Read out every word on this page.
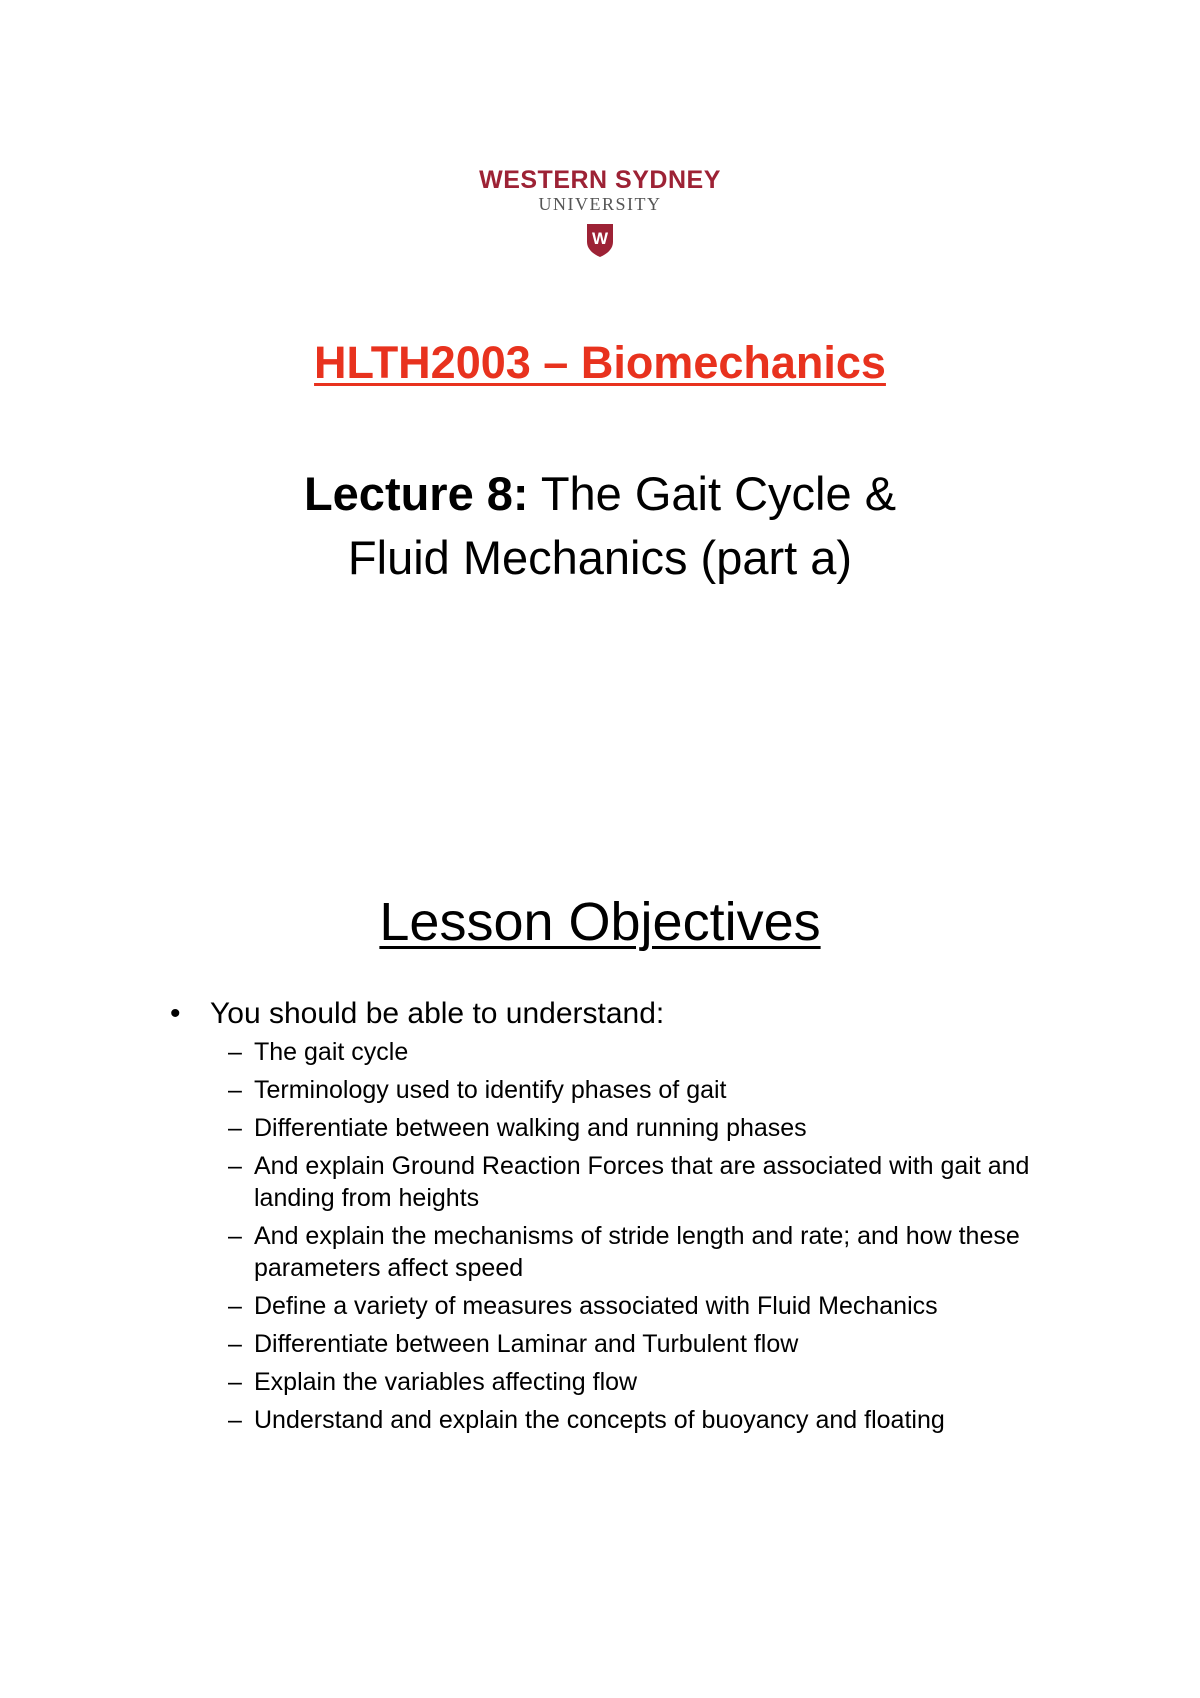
WESTERN SYDNEY
UNIVERSITY
W
HLTH2003 – Biomechanics
Lecture 8: The Gait Cycle &
Fluid Mechanics (part a)
Lesson Objectives
• You should be able to understand:
– The gait cycle
– Terminology used to identify phases of gait
– Differentiate between walking and running phases
– And explain Ground Reaction Forces that are associated with gait and landing from heights
– And explain the mechanisms of stride length and rate; and how these parameters affect speed
– Define a variety of measures associated with Fluid Mechanics
– Differentiate between Laminar and Turbulent flow
– Explain the variables affecting flow
– Understand and explain the concepts of buoyancy and floating
